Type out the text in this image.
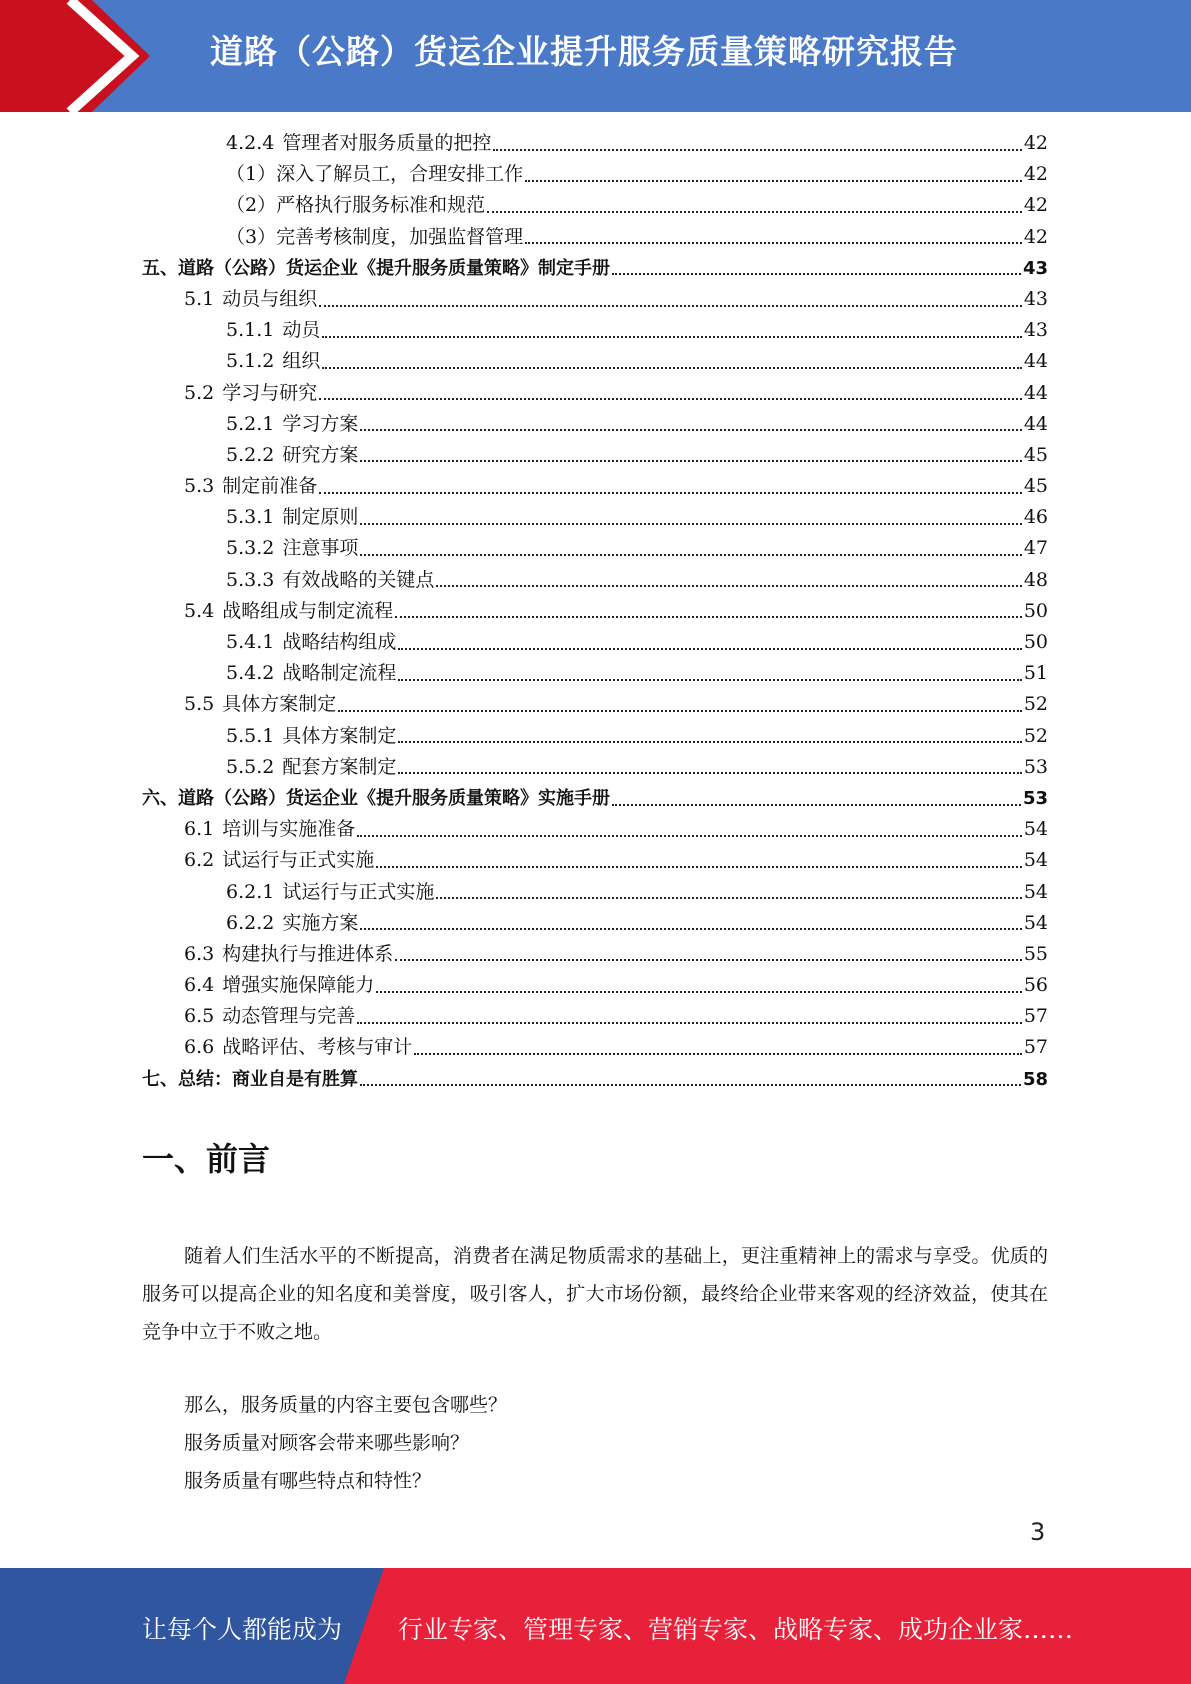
道路（公路）货运企业提升服务质量策略研究报告
4.2.4 管理者对服务质量的把控	42
（1）深入了解员工，合理安排工作	42
（2）严格执行服务标准和规范	42
（3）完善考核制度，加强监督管理	42
五、道路（公路）货运企业《提升服务质量策略》制定手册	43
5.1 动员与组织	43
5.1.1 动员	43
5.1.2 组织	44
5.2 学习与研究	44
5.2.1 学习方案	44
5.2.2 研究方案	45
5.3 制定前准备	45
5.3.1 制定原则	46
5.3.2 注意事项	47
5.3.3 有效战略的关键点	48
5.4 战略组成与制定流程	50
5.4.1 战略结构组成	50
5.4.2 战略制定流程	51
5.5 具体方案制定	52
5.5.1 具体方案制定	52
5.5.2 配套方案制定	53
六、道路（公路）货运企业《提升服务质量策略》实施手册	53
6.1 培训与实施准备	54
6.2 试运行与正式实施	54
6.2.1 试运行与正式实施	54
6.2.2 实施方案	54
6.3 构建执行与推进体系	55
6.4 增强实施保障能力	56
6.5 动态管理与完善	57
6.6 战略评估、考核与审计	57
七、总结：商业自是有胜算	58
一、前言
随着人们生活水平的不断提高，消费者在满足物质需求的基础上，更注重精神上的需求与享受。优质的服务可以提高企业的知名度和美誉度，吸引客人，扩大市场份额，最终给企业带来客观的经济效益，使其在竞争中立于不败之地。
那么，服务质量的内容主要包含哪些？
服务质量对顾客会带来哪些影响？
服务质量有哪些特点和特性？
3
让每个人都能成为 行业专家、管理专家、营销专家、战略专家、成功企业家……
